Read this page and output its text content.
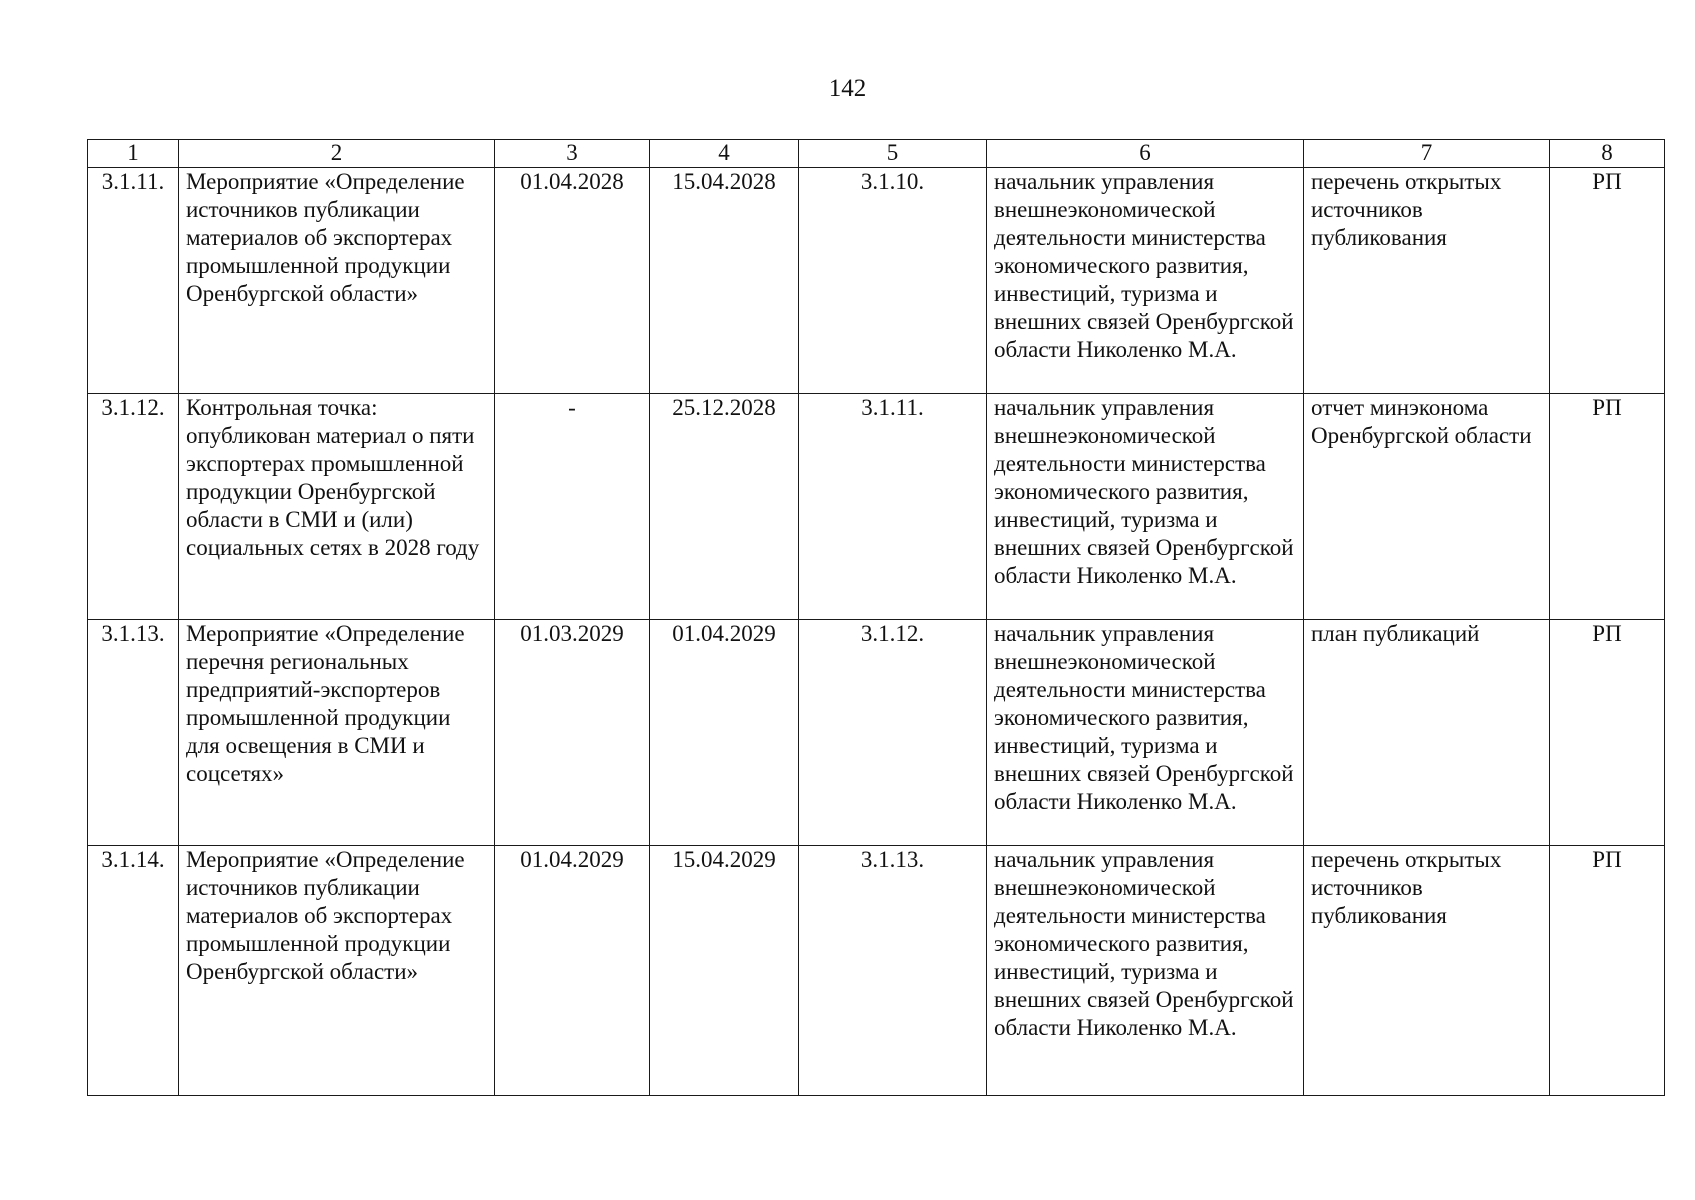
142
1	2	3	4	5	6	7	8
3.1.11.	Мероприятие «Определение источников публикации материалов об экспортерах промышленной продукции Оренбургской области»	01.04.2028	15.04.2028	3.1.10.	начальник управления внешнеэкономической деятельности министерства экономического развития, инвестиций, туризма и внешних связей Оренбургской области Николенко М.А.	перечень открытых источников публикования	РП
3.1.12.	Контрольная точка: опубликован материал о пяти экспортерах промышленной продукции Оренбургской области в СМИ и (или) социальных сетях в 2028 году	-	25.12.2028	3.1.11.	начальник управления внешнеэкономической деятельности министерства экономического развития, инвестиций, туризма и внешних связей Оренбургской области Николенко М.А.	отчет минэконома Оренбургской области	РП
3.1.13.	Мероприятие «Определение перечня региональных предприятий-экспортеров промышленной продукции для освещения в СМИ и соцсетях»	01.03.2029	01.04.2029	3.1.12.	начальник управления внешнеэкономической деятельности министерства экономического развития, инвестиций, туризма и внешних связей Оренбургской области Николенко М.А.	план публикаций	РП
3.1.14.	Мероприятие «Определение источников публикации материалов об экспортерах промышленной продукции Оренбургской области»	01.04.2029	15.04.2029	3.1.13.	начальник управления внешнеэкономической деятельности министерства экономического развития, инвестиций, туризма и внешних связей Оренбургской области Николенко М.А.	перечень открытых источников публикования	РП
